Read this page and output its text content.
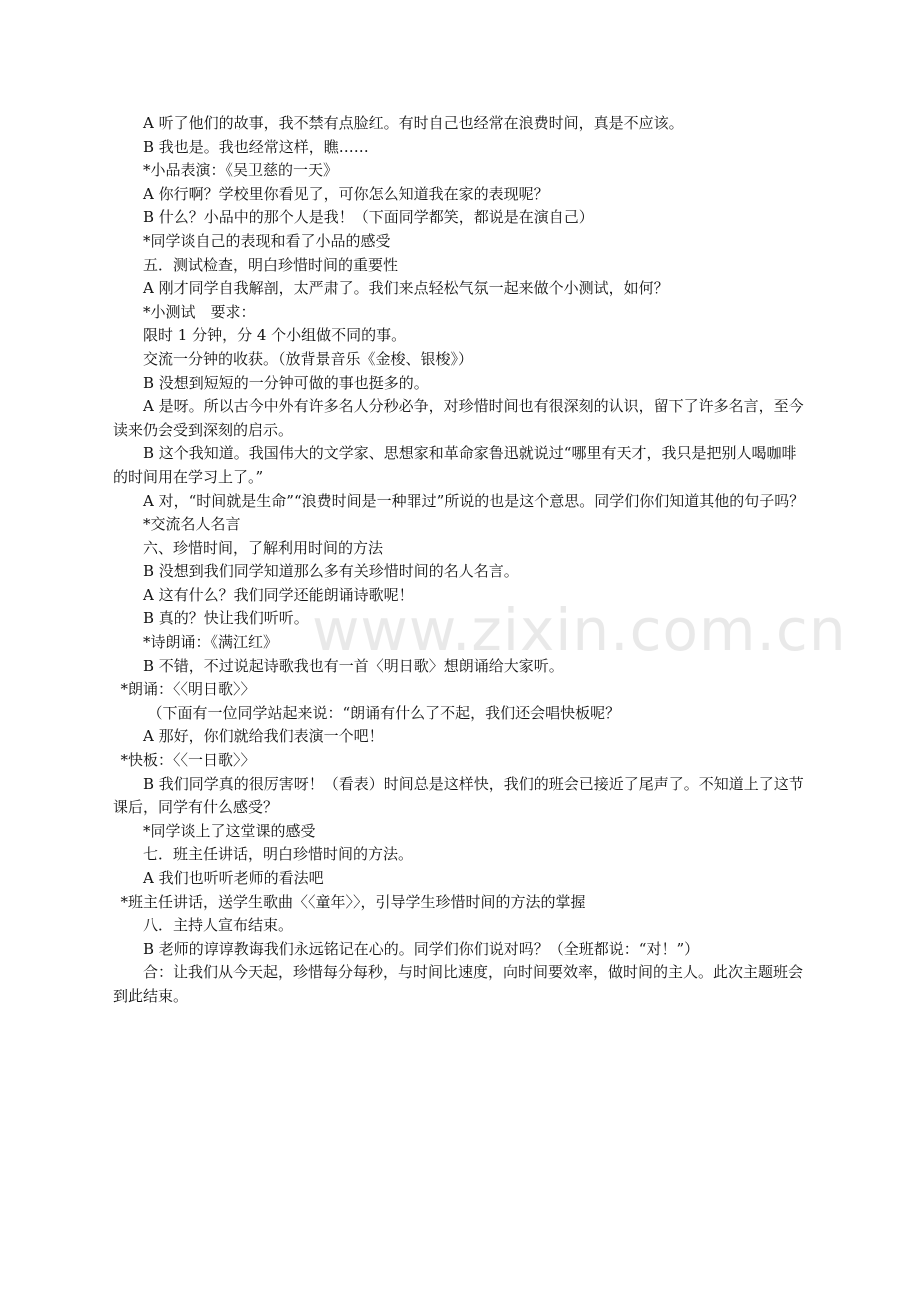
A 听了他们的故事，我不禁有点脸红。有时自己也经常在浪费时间，真是不应该。

B 我也是。我也经常这样，瞧……

*小品表演：《吴卫慈的一天》

A 你行啊？学校里你看见了，可你怎么知道我在家的表现呢？

B 什么？小品中的那个人是我！（下面同学都笑，都说是在演自己）

*同学谈自己的表现和看了小品的感受

五．测试检查，明白珍惜时间的重要性

A 刚才同学自我解剖，太严肃了。我们来点轻松气氛一起来做个小测试，如何？

*小测试　要求：

限时 1 分钟，分 4 个小组做不同的事。

交流一分钟的收获。（放背景音乐《金梭、银梭》）

B 没想到短短的一分钟可做的事也挺多的。

A 是呀。所以古今中外有许多名人分秒必争，对珍惜时间也有很深刻的认识，留下了许多名言，至今读来仍会受到深刻的启示。

B 这个我知道。我国伟大的文学家、思想家和革命家鲁迅就说过“哪里有天才，我只是把别人喝咖啡的时间用在学习上了。”

A 对，“时间就是生命”“浪费时间是一种罪过”所说的也是这个意思。同学们你们知道其他的句子吗？

*交流名人名言

六、珍惜时间，了解利用时间的方法

B 没想到我们同学知道那么多有关珍惜时间的名人名言。

A 这有什么？我们同学还能朗诵诗歌呢！

B 真的？快让我们听听。

*诗朗诵：《满江红》

B 不错，不过说起诗歌我也有一首〈明日歌〉想朗诵给大家听。

*朗诵：〈〈明日歌〉〉

（下面有一位同学站起来说：“朗诵有什么了不起，我们还会唱快板呢？

A 那好，你们就给我们表演一个吧！

*快板：〈〈一日歌〉〉

B 我们同学真的很厉害呀！（看表）时间总是这样快，我们的班会已接近了尾声了。不知道上了这节课后，同学有什么感受？

*同学谈上了这堂课的感受

七．班主任讲话，明白珍惜时间的方法。

A 我们也听听老师的看法吧

*班主任讲话，送学生歌曲〈〈童年〉〉，引导学生珍惜时间的方法的掌握

八．主持人宣布结束。

B 老师的谆谆教诲我们永远铭记在心的。同学们你们说对吗？（全班都说：“对！”）

合：让我们从今天起，珍惜每分每秒，与时间比速度，向时间要效率，做时间的主人。此次主题班会到此结束。

www.zixin.com.cn
